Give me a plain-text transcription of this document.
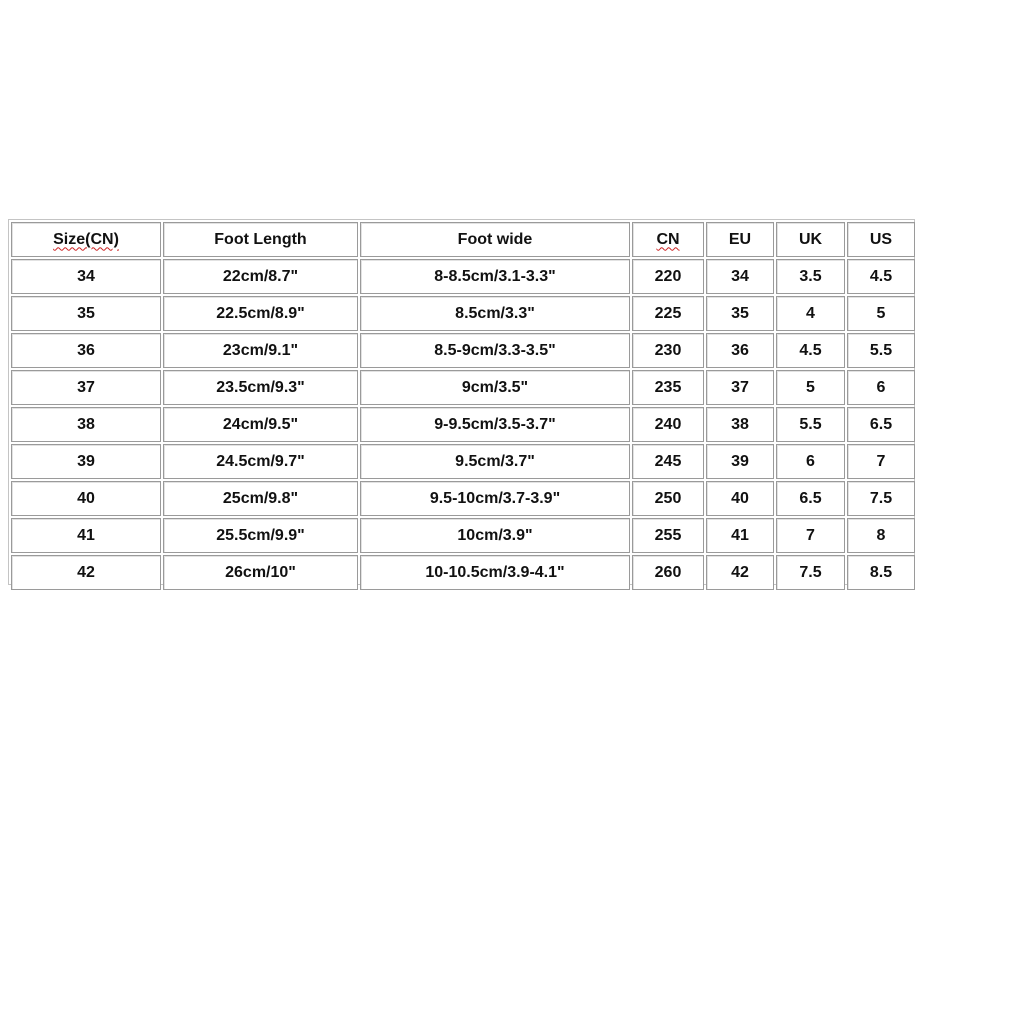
Size(CN)	Foot Length	Foot wide	CN	EU	UK	US
34	22cm/8.7"	8-8.5cm/3.1-3.3"	220	34	3.5	4.5
35	22.5cm/8.9"	8.5cm/3.3"	225	35	4	5
36	23cm/9.1"	8.5-9cm/3.3-3.5"	230	36	4.5	5.5
37	23.5cm/9.3"	9cm/3.5"	235	37	5	6
38	24cm/9.5"	9-9.5cm/3.5-3.7"	240	38	5.5	6.5
39	24.5cm/9.7"	9.5cm/3.7"	245	39	6	7
40	25cm/9.8"	9.5-10cm/3.7-3.9"	250	40	6.5	7.5
41	25.5cm/9.9"	10cm/3.9"	255	41	7	8
42	26cm/10"	10-10.5cm/3.9-4.1"	260	42	7.5	8.5
